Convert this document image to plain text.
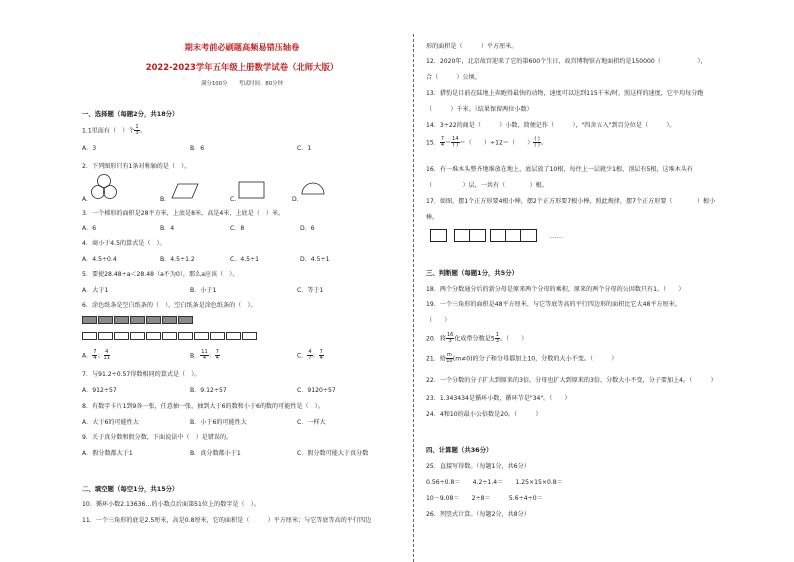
期末考前必刷题高频易错压轴卷
2022-2023学年五年级上册数学试卷（北师大版）
满分100分　　考试时间：80分钟
一、选择题（每题2分，共18分）
1.1里面有（　）个 $\frac{1}{3}$ 。
A．3	B．6	C．1
2．下列图形只有1条对称轴的是（　）。
A．	B．	C．	D．
3．一个梯形的面积是28平方米，上底是8米，高是4米，上底是（　）米。
A．6	B．4	C．8	D．6
4．商小于4.5的算式是（　）。
A．4.5÷0.4	B．4.5÷1.2	C．4.5÷1	D．4.5÷1
5．要使28.48÷a＜28.48（a不为0），那么a应该（　）。
A．大于1	B．小于1	C．等于1
6．涂色纸条是空白纸条的（　），空白纸条是涂色纸条的（　）。
A． $\frac{7}{4}$ ； $\frac{4}{11}$	B． $\frac{11}{4}$ ； $\frac{7}{4}$	C． $\frac{4}{7}$ ； $\frac{7}{4}$
7．与91.2÷0.57得数相同的算式是（　）。
A．912÷57	B．9.12÷57	C．9120÷57
8．有数字卡片1到9各一张，任意抽一张，抽到大于6的数和小于6的数的可能性是（　）。
A．大于6的可能性大	B．小于6的可能性大	C．一样大
9．关于真分数和假分数，下面说法中（　）是错误的。
A．假分数都大于1	B．真分数都小于1	C．假分数可能大于真分数
二、填空题（每空1分，共15分）
10．循环小数2.13636…的小数点后面第51位上的数字是（　）。
11．一个三角形的底是2.5厘米，高是0.8厘米，它的面积是（　　　）平方厘米；与它等底等高的平行四边
形的面积是（　　　）平方厘米。
12．2020年，北京故宫迎来了它的第600个生日，故宫博物馆占地面积约是150000（　　　　　　），
合（　　　）公顷。
13．猎豹是目前在陆地上奔跑得最快的动物，速度可以达到115千米/时。照这样的速度，它平均每分跑
（　　　）千米。（结果保留两位小数）
14．3÷22的商是（　　　）小数，简便记作（　　　），"四舍五入"到百分位是（　　　）。
15． $\frac{7}{4} = \frac{14}{( )}$ ＝（　　）÷12＝（　　） $\frac{( )}{( )}$ 。
16．有一堆木头整齐地堆放在地上，底层放了10根，每往上一层就少1根，顶层有5根，这堆木头有
（　　　　　）层，一共有（　　　　）根。
17．如图，摆1个正方形要4根小棒，摆2个正方形要7根小棒，照此规律，摆7个正方形要（　　　　）根小
棒。
……
三、判断题（每题1分，共5分）
18．两个分数通分后的新分母是原来两个分母的乘积，原来的两个分母的公因数只有1。（　　）
19．一个三角形的面积是48平方厘米，与它等底等高的平行四边形的面积比它大48平方厘米。
（　　）
20．将 $\frac{16}{3}$ 化成带分数是$5 \frac{1}{3}$ 。（　　）
21．给 $\frac{m}{10} (m\ne 0)$的分子和分母都加上10，分数的大小不变。（　　　）
22．一个分数的分子扩大到原来的3倍，分母也扩大到原来的3倍，分数大小不变，分子要加上4。（　　　）
23．1.343434是循环小数，循环节是"34"。（　　）
24．4和10的最小公倍数是20。（　　　）
四、计算题（共36分）
25．直接写得数。（每题1分，共6分）
0.56÷0.8＝　　4.2÷1.4＝　　1.25×15×0.8＝
10－9.08＝　　2÷8＝　　　5.6÷4÷0＝
26．列竖式计算。（每题2分，共8分）
